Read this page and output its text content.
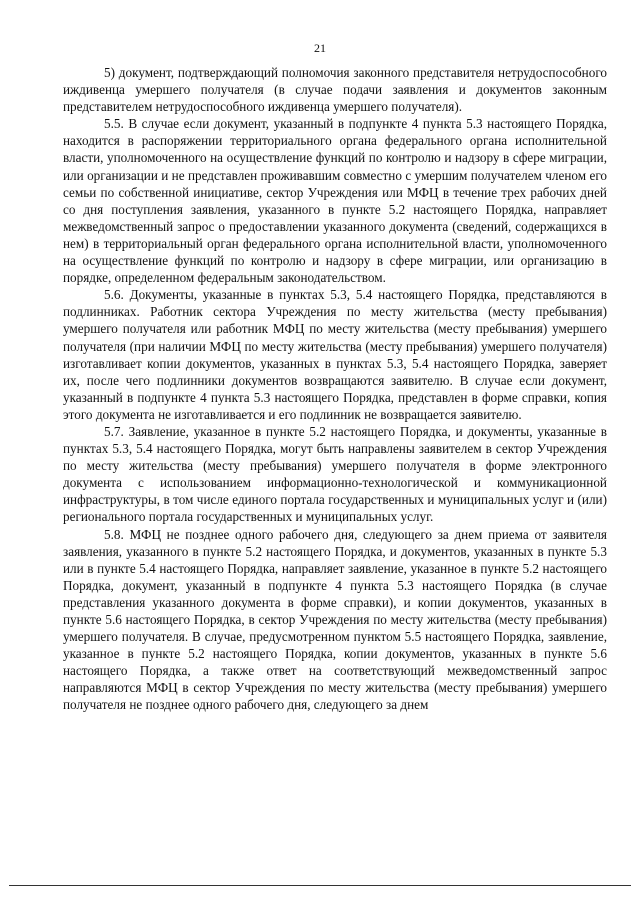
21

5) документ, подтверждающий полномочия законного представителя нетрудоспособного иждивенца умершего получателя (в случае подачи заявления и документов законным представителем нетрудоспособного иждивенца умершего получателя).

5.5. В случае если документ, указанный в подпункте 4 пункта 5.3 настоящего Порядка, находится в распоряжении территориального органа федерального органа исполнительной власти, уполномоченного на осуществление функций по контролю и надзору в сфере миграции, или организации и не представлен проживавшим совместно с умершим получателем членом его семьи по собственной инициативе, сектор Учреждения или МФЦ в течение трех рабочих дней со дня поступления заявления, указанного в пункте 5.2 настоящего Порядка, направляет межведомственный запрос о предоставлении указанного документа (сведений, содержащихся в нем) в территориальный орган федерального органа исполнительной власти, уполномоченного на осуществление функций по контролю и надзору в сфере миграции, или организацию в порядке, определенном федеральным законодательством.

5.6. Документы, указанные в пунктах 5.3, 5.4 настоящего Порядка, представляются в подлинниках. Работник сектора Учреждения по месту жительства (месту пребывания) умершего получателя или работник МФЦ по месту жительства (месту пребывания) умершего получателя (при наличии МФЦ по месту жительства (месту пребывания) умершего получателя) изготавливает копии документов, указанных в пунктах 5.3, 5.4 настоящего Порядка, заверяет их, после чего подлинники документов возвращаются заявителю. В случае если документ, указанный в подпункте 4 пункта 5.3 настоящего Порядка, представлен в форме справки, копия этого документа не изготавливается и его подлинник не возвращается заявителю.

5.7. Заявление, указанное в пункте 5.2 настоящего Порядка, и документы, указанные в пунктах 5.3, 5.4 настоящего Порядка, могут быть направлены заявителем в сектор Учреждения по месту жительства (месту пребывания) умершего получателя в форме электронного документа с использованием информационно-технологической и коммуникационной инфраструктуры, в том числе единого портала государственных и муниципальных услуг и (или) регионального портала государственных и муниципальных услуг.

5.8. МФЦ не позднее одного рабочего дня, следующего за днем приема от заявителя заявления, указанного в пункте 5.2 настоящего Порядка, и документов, указанных в пункте 5.3 или в пункте 5.4 настоящего Порядка, направляет заявление, указанное в пункте 5.2 настоящего Порядка, документ, указанный в подпункте 4 пункта 5.3 настоящего Порядка (в случае представления указанного документа в форме справки), и копии документов, указанных в пункте 5.6 настоящего Порядка, в сектор Учреждения по месту жительства (месту пребывания) умершего получателя. В случае, предусмотренном пунктом 5.5 настоящего Порядка, заявление, указанное в пункте 5.2 настоящего Порядка, копии документов, указанных в пункте 5.6 настоящего Порядка, а также ответ на соответствующий межведомственный запрос направляются МФЦ в сектор Учреждения по месту жительства (месту пребывания) умершего получателя не позднее одного рабочего дня, следующего за днем
